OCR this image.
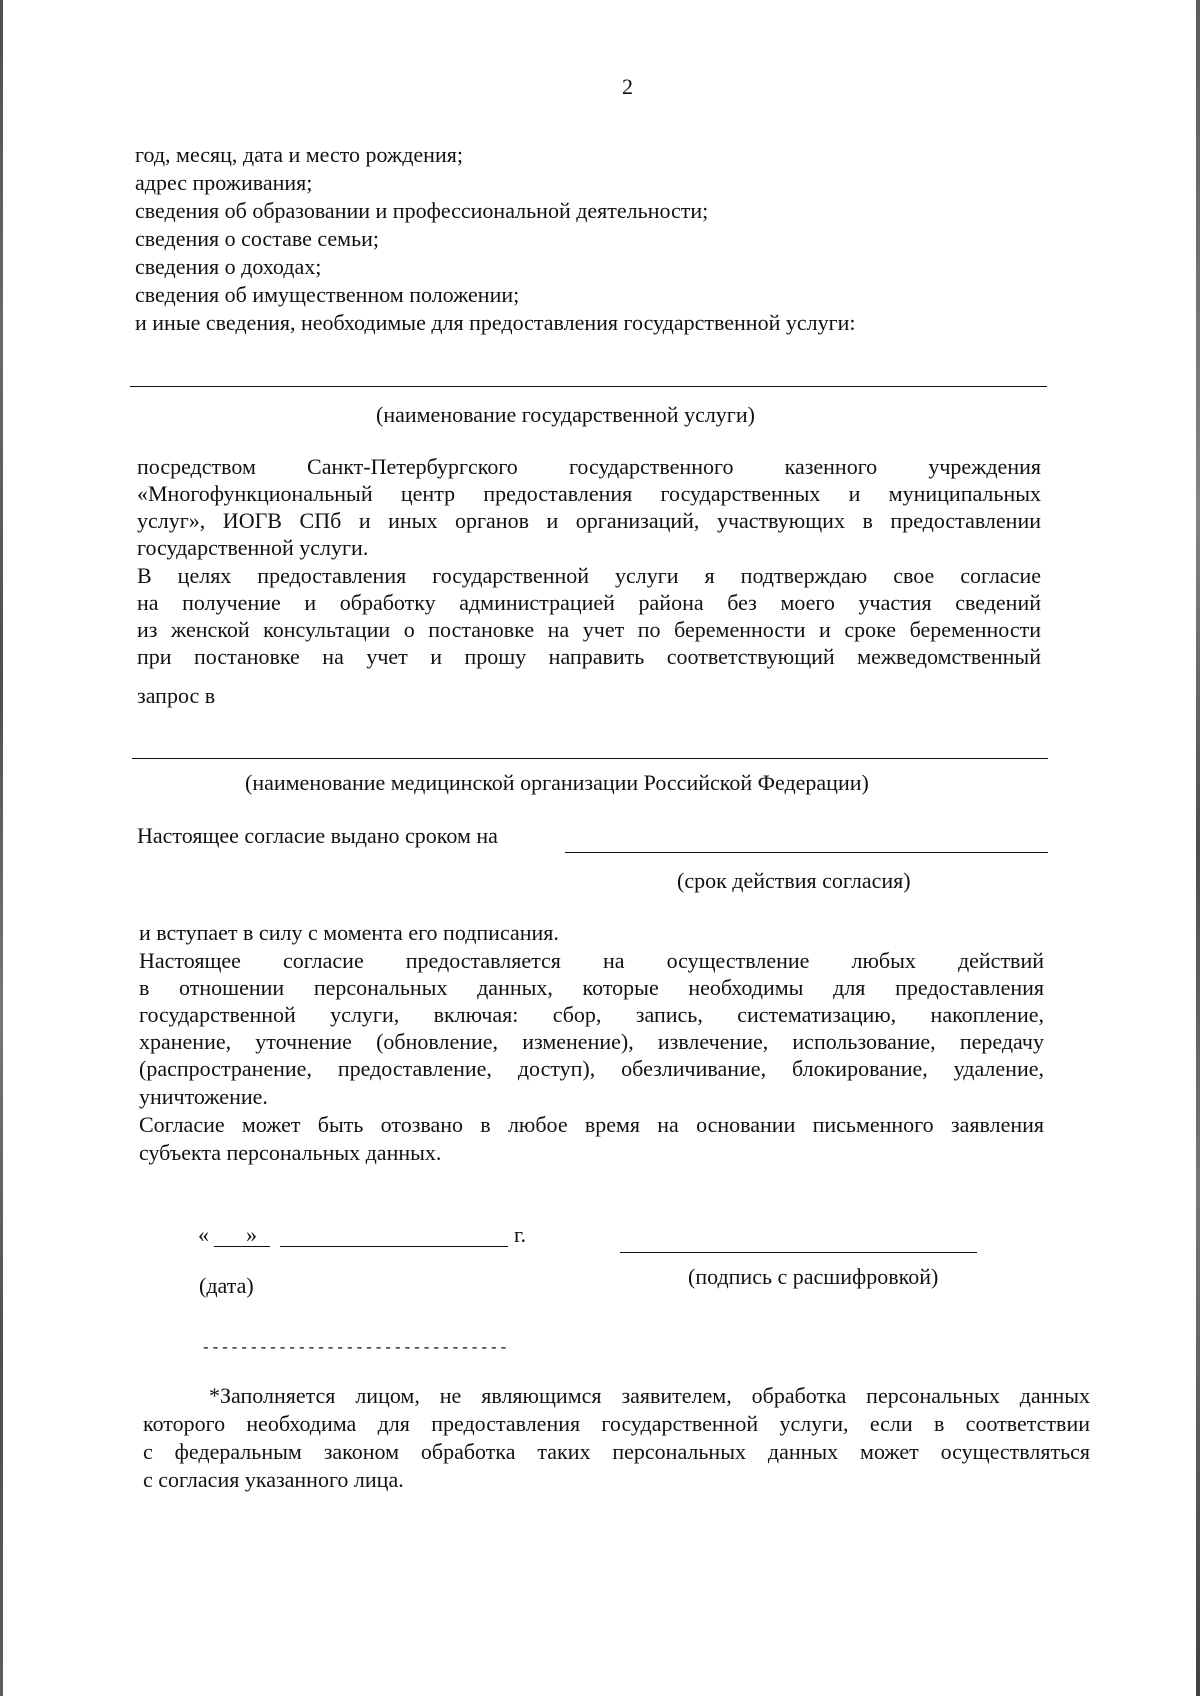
2
год, месяц, дата и место рождения;
адрес проживания;
сведения об образовании и профессиональной деятельности;
сведения о составе семьи;
сведения о доходах;
сведения об имущественном положении;
и иные сведения, необходимые для предоставления государственной услуги:
(наименование государственной услуги)
посредством Санкт-Петербургского государственного казенного учреждения
«Многофункциональный центр предоставления государственных и муниципальных
услуг», ИОГВ СПб и иных органов и организаций, участвующих в предоставлении
государственной услуги.
В целях предоставления государственной услуги я подтверждаю свое согласие
на получение и обработку администрацией района без моего участия сведений
из женской консультации о постановке на учет по беременности и сроке беременности
при постановке на учет и прошу направить соответствующий межведомственный
запрос в
(наименование медицинской организации Российской Федерации)
Настоящее согласие выдано сроком на
(срок действия согласия)
и вступает в силу с момента его подписания.
Настоящее согласие предоставляется на осуществление любых действий
в отношении персональных данных, которые необходимы для предоставления
государственной услуги, включая: сбор, запись, систематизацию, накопление,
хранение, уточнение (обновление, изменение), извлечение, использование, передачу
(распространение, предоставление, доступ), обезличивание, блокирование, удаление,
уничтожение.
Согласие может быть отозвано в любое время на основании письменного заявления
субъекта персональных данных.
« »	г.
(дата)	(подпись с расшифровкой)
--------------------------------
*Заполняется лицом, не являющимся заявителем, обработка персональных данных
которого необходима для предоставления государственной услуги, если в соответствии
с федеральным законом обработка таких персональных данных может осуществляться
с согласия указанного лица.
